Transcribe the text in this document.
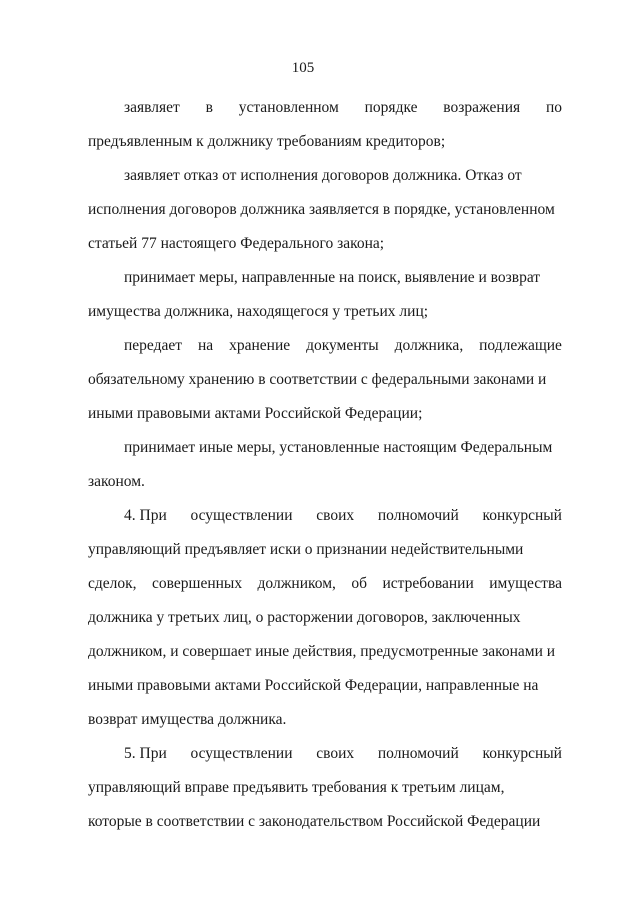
105
заявляет в установленном порядке возражения по
предъявленным к должнику требованиям кредиторов;
заявляет отказ от исполнения договоров должника. Отказ от
исполнения договоров должника заявляется в порядке, установленном
статьей 77 настоящего Федерального закона;
принимает меры, направленные на поиск, выявление и возврат
имущества должника, находящегося у третьих лиц;
передает на хранение документы должника, подлежащие
обязательному хранению в соответствии с федеральными законами и
иными правовыми актами Российской Федерации;
принимает иные меры, установленные настоящим Федеральным
законом.
4. При осуществлении своих полномочий конкурсный
управляющий предъявляет иски о признании недействительными
сделок, совершенных должником, об истребовании имущества
должника у третьих лиц, о расторжении договоров, заключенных
должником, и совершает иные действия, предусмотренные законами и
иными правовыми актами Российской Федерации, направленные на
возврат имущества должника.
5. При осуществлении своих полномочий конкурсный
управляющий вправе предъявить требования к третьим лицам,
которые в соответствии с законодательством Российской Федерации
